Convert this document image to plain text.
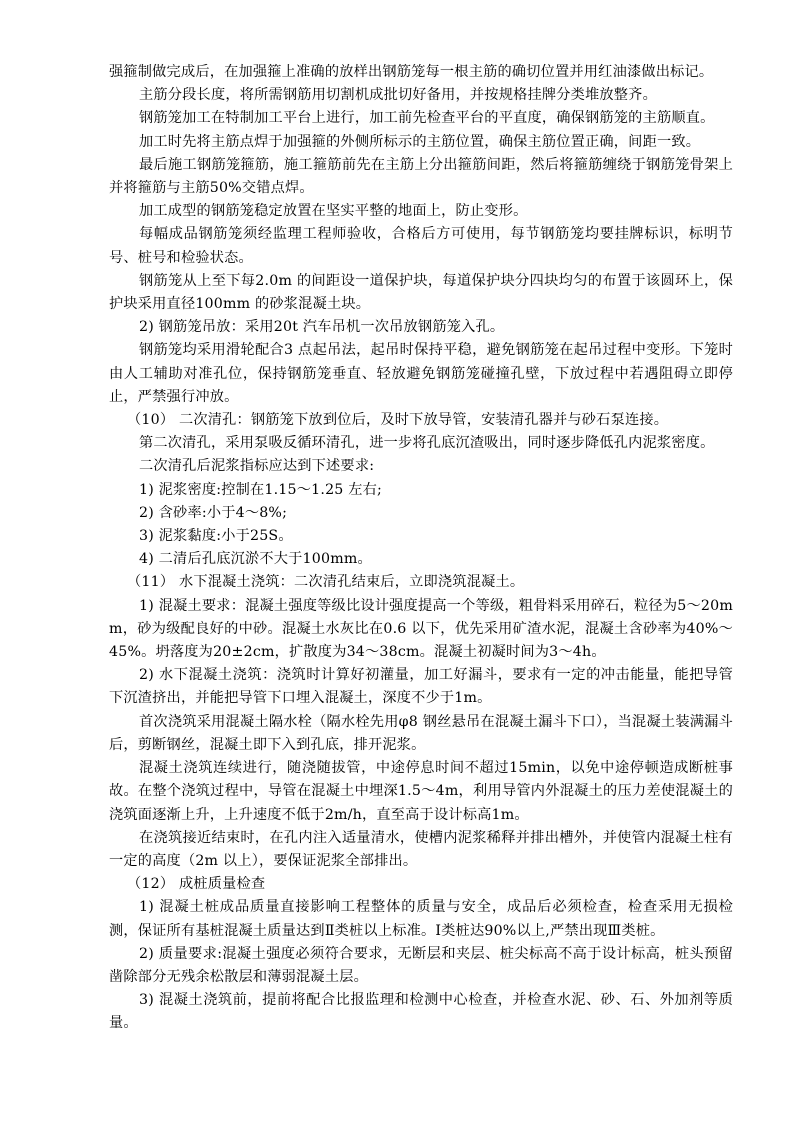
强箍制做完成后，在加强箍上准确的放样出钢筋笼每一根主筋的确切位置并用红油漆做出标记。

主筋分段长度，将所需钢筋用切割机成批切好备用，并按规格挂牌分类堆放整齐。

钢筋笼加工在特制加工平台上进行，加工前先检查平台的平直度，确保钢筋笼的主筋顺直。

加工时先将主筋点焊于加强箍的外侧所标示的主筋位置，确保主筋位置正确，间距一致。

最后施工钢筋笼箍筋，施工箍筋前先在主筋上分出箍筋间距，然后将箍筋缠绕于钢筋笼骨架上并将箍筋与主筋50%交错点焊。

加工成型的钢筋笼稳定放置在坚实平整的地面上，防止变形。

每幅成品钢筋笼须经监理工程师验收，合格后方可使用，每节钢筋笼均要挂牌标识，标明节号、桩号和检验状态。

钢筋笼从上至下每2.0m 的间距设一道保护块，每道保护块分四块均匀的布置于该圆环上，保护块采用直径100mm 的砂浆混凝土块。

2) 钢筋笼吊放：采用20t 汽车吊机一次吊放钢筋笼入孔。

钢筋笼均采用滑轮配合3 点起吊法，起吊时保持平稳，避免钢筋笼在起吊过程中变形。下笼时由人工辅助对准孔位，保持钢筋笼垂直、轻放避免钢筋笼碰撞孔壁，下放过程中若遇阻碍立即停止，严禁强行冲放。

（10） 二次清孔：钢筋笼下放到位后，及时下放导管，安装清孔器并与砂石泵连接。

第二次清孔，采用泵吸反循环清孔，进一步将孔底沉渣吸出，同时逐步降低孔内泥浆密度。

二次清孔后泥浆指标应达到下述要求:

1) 泥浆密度:控制在1.15～1.25 左右;

2) 含砂率:小于4～8%;

3) 泥浆黏度:小于25S。

4) 二清后孔底沉淤不大于100mm。

（11） 水下混凝土浇筑：二次清孔结束后，立即浇筑混凝土。

1) 混凝土要求：混凝土强度等级比设计强度提高一个等级，粗骨料采用碎石，粒径为5～20mm，砂为级配良好的中砂。混凝土水灰比在0.6 以下，优先采用矿渣水泥，混凝土含砂率为40%～45%。坍落度为20±2cm，扩散度为34～38cm。混凝土初凝时间为3～4h。

2) 水下混凝土浇筑：浇筑时计算好初灌量，加工好漏斗，要求有一定的冲击能量，能把导管下沉渣挤出，并能把导管下口埋入混凝土，深度不少于1m。

首次浇筑采用混凝土隔水栓（隔水栓先用φ8 钢丝悬吊在混凝土漏斗下口），当混凝土装满漏斗后，剪断钢丝，混凝土即下入到孔底，排开泥浆。

混凝土浇筑连续进行，随浇随拔管，中途停息时间不超过15min，以免中途停顿造成断桩事故。在整个浇筑过程中，导管在混凝土中埋深1.5～4m，利用导管内外混凝土的压力差使混凝土的浇筑面逐渐上升，上升速度不低于2m/h，直至高于设计标高1m。

在浇筑接近结束时，在孔内注入适量清水，使槽内泥浆稀释并排出槽外，并使管内混凝土柱有一定的高度（2m 以上），要保证泥浆全部排出。

（12） 成桩质量检查

1) 混凝土桩成品质量直接影响工程整体的质量与安全，成品后必须检查，检查采用无损检测，保证所有基桩混凝土质量达到Ⅱ类桩以上标准。Ⅰ类桩达90%以上,严禁出现Ⅲ类桩。

2) 质量要求:混凝土强度必须符合要求，无断层和夹层、桩尖标高不高于设计标高，桩头预留凿除部分无残余松散层和薄弱混凝土层。

3) 混凝土浇筑前，提前将配合比报监理和检测中心检查，并检查水泥、砂、石、外加剂等质量。
